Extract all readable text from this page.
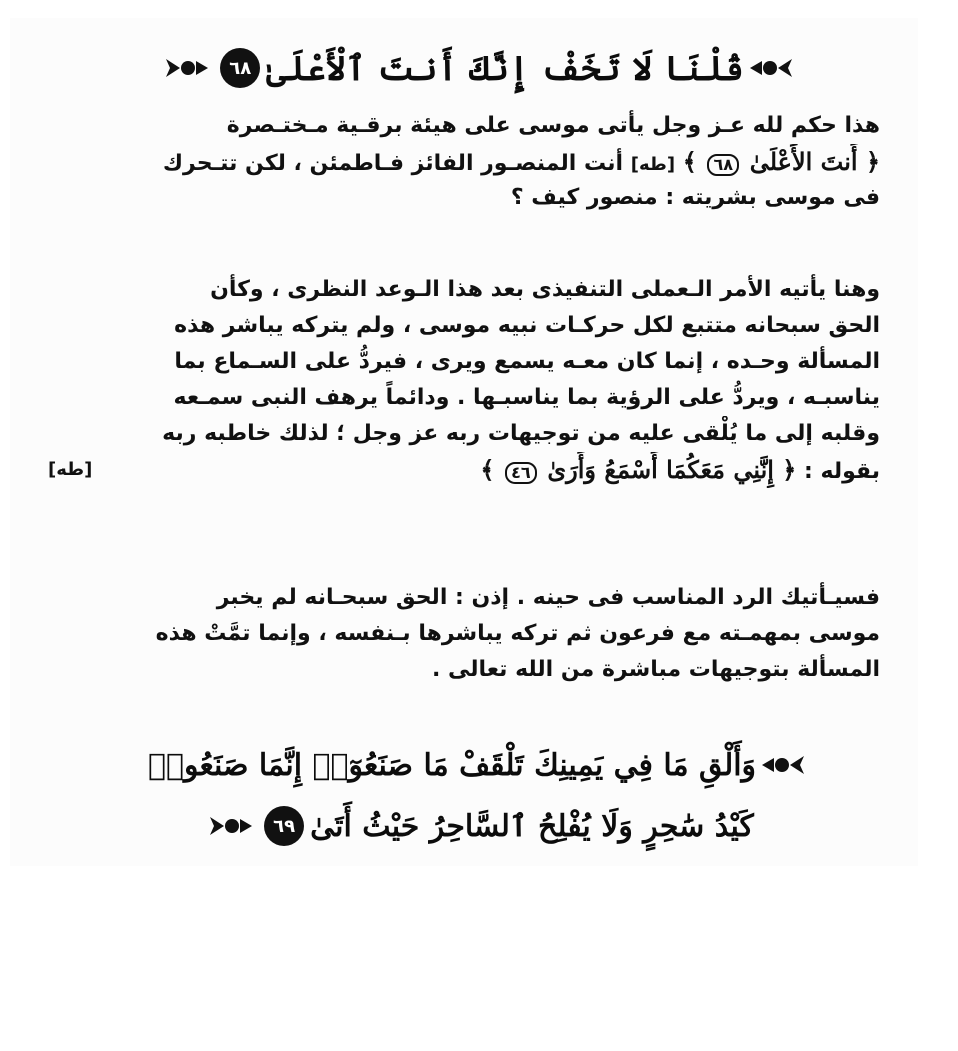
قُلْنَا لَا تَخَفْ إِنَّكَ أَنتَ ٱلْأَعْلَىٰ
٦٨
هذا حكم لله عـز وجل يأتى موسى على هيئة برقـية مـختـصرة
﴿ أَنتَ الأَعْلَىٰ ٦٨ ﴾ [طه] أنت المنصـور الفائز فـاطمئن ، لكن تتـحرك
فى موسى بشريته : منصور كيف ؟
وهنا يأتيه الأمر الـعملى التنفيذى بعد هذا الـوعد النظرى ، وكأن
الحق سبحانه متتبع لكل حركـات نبيه موسى ، ولم يتركه يباشر هذه
المسألة وحـده ، إنما كان معـه يسمع ويرى ، فيردُّ على السـماع بما
يناسبـه ، ويردُّ على الرؤية بما يناسبـها . ودائماً يرهف النبى سمـعه
وقلبه إلى ما يُلْقى عليه من توجيهات ربه عز وجل ؛ لذلك خاطبه ربه
بقوله : ﴿ إِنَّنِي مَعَكُمَا أَسْمَعُ وَأَرَىٰ ٤٦ ﴾
[طه]
فسيـأتيك الرد المناسب فى حينه . إذن : الحق سبحـانه لم يخبر
موسى بمهمـته مع فرعون ثم تركه يباشرها بـنفسه ، وإنما تمَّتْ هذه
المسألة بتوجيهات مباشرة من الله تعالى .
وَأَلْقِ مَا فِي يَمِينِكَ تَلْقَفْ مَا صَنَعُوٓا۟ إِنَّمَا صَنَعُوا۟
كَيْدُ سَٰحِرٍ وَلَا يُفْلِحُ ٱلسَّاحِرُ حَيْثُ أَتَىٰ
٦٩
